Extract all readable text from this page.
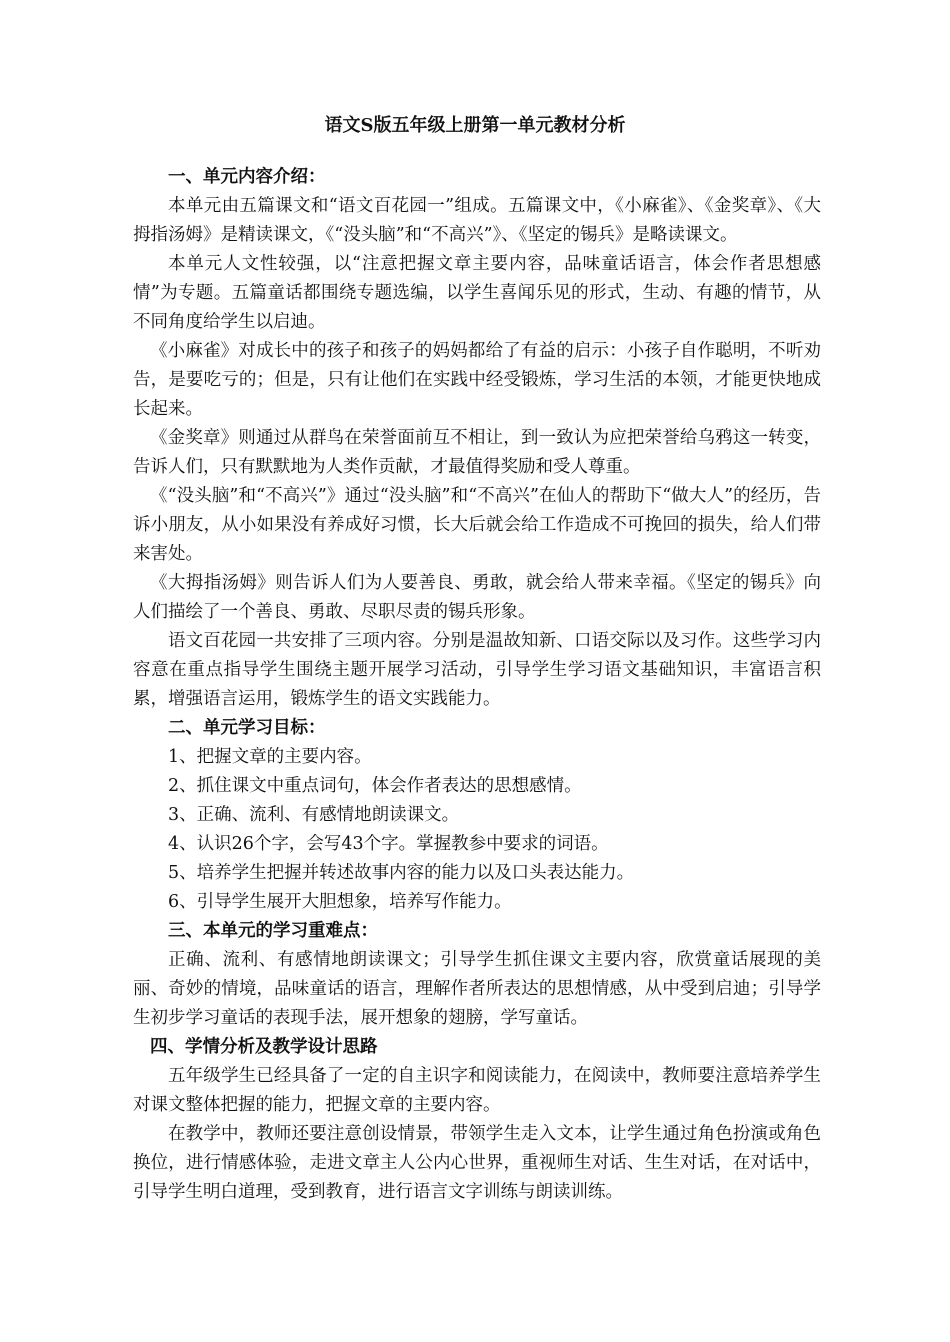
语文S版五年级上册第一单元教材分析

一、单元内容介绍：

本单元由五篇课文和“语文百花园一”组成。五篇课文中，《小麻雀》、《金奖章》、《大拇指汤姆》是精读课文，《“没头脑”和“不高兴”》、《坚定的锡兵》是略读课文。

本单元人文性较强，以“注意把握文章主要内容，品味童话语言，体会作者思想感情”为专题。五篇童话都围绕专题选编，以学生喜闻乐见的形式，生动、有趣的情节，从不同角度给学生以启迪。

《小麻雀》对成长中的孩子和孩子的妈妈都给了有益的启示：小孩子自作聪明，不听劝告，是要吃亏的；但是，只有让他们在实践中经受锻炼，学习生活的本领，才能更快地成长起来。

《金奖章》则通过从群鸟在荣誉面前互不相让，到一致认为应把荣誉给乌鸦这一转变，告诉人们，只有默默地为人类作贡献，才最值得奖励和受人尊重。

《“没头脑”和“不高兴”》通过“没头脑”和“不高兴”在仙人的帮助下“做大人”的经历，告诉小朋友，从小如果没有养成好习惯，长大后就会给工作造成不可挽回的损失，给人们带来害处。

《大拇指汤姆》则告诉人们为人要善良、勇敢，就会给人带来幸福。《坚定的锡兵》向人们描绘了一个善良、勇敢、尽职尽责的锡兵形象。

语文百花园一共安排了三项内容。分别是温故知新、口语交际以及习作。这些学习内容意在重点指导学生围绕主题开展学习活动，引导学生学习语文基础知识，丰富语言积累，增强语言运用，锻炼学生的语文实践能力。

二、单元学习目标：

1、把握文章的主要内容。

2、抓住课文中重点词句，体会作者表达的思想感情。

3、正确、流利、有感情地朗读课文。

4、认识26个字，会写43个字。掌握教参中要求的词语。

5、培养学生把握并转述故事内容的能力以及口头表达能力。

6、引导学生展开大胆想象，培养写作能力。

三、本单元的学习重难点：

正确、流利、有感情地朗读课文；引导学生抓住课文主要内容，欣赏童话展现的美丽、奇妙的情境，品味童话的语言，理解作者所表达的思想情感，从中受到启迪；引导学生初步学习童话的表现手法，展开想象的翅膀，学写童话。

四、学情分析及教学设计思路

五年级学生已经具备了一定的自主识字和阅读能力，在阅读中，教师要注意培养学生对课文整体把握的能力，把握文章的主要内容。

在教学中，教师还要注意创设情景，带领学生走入文本，让学生通过角色扮演或角色换位，进行情感体验，走进文章主人公内心世界，重视师生对话、生生对话，在对话中，引导学生明白道理，受到教育，进行语言文字训练与朗读训练。
